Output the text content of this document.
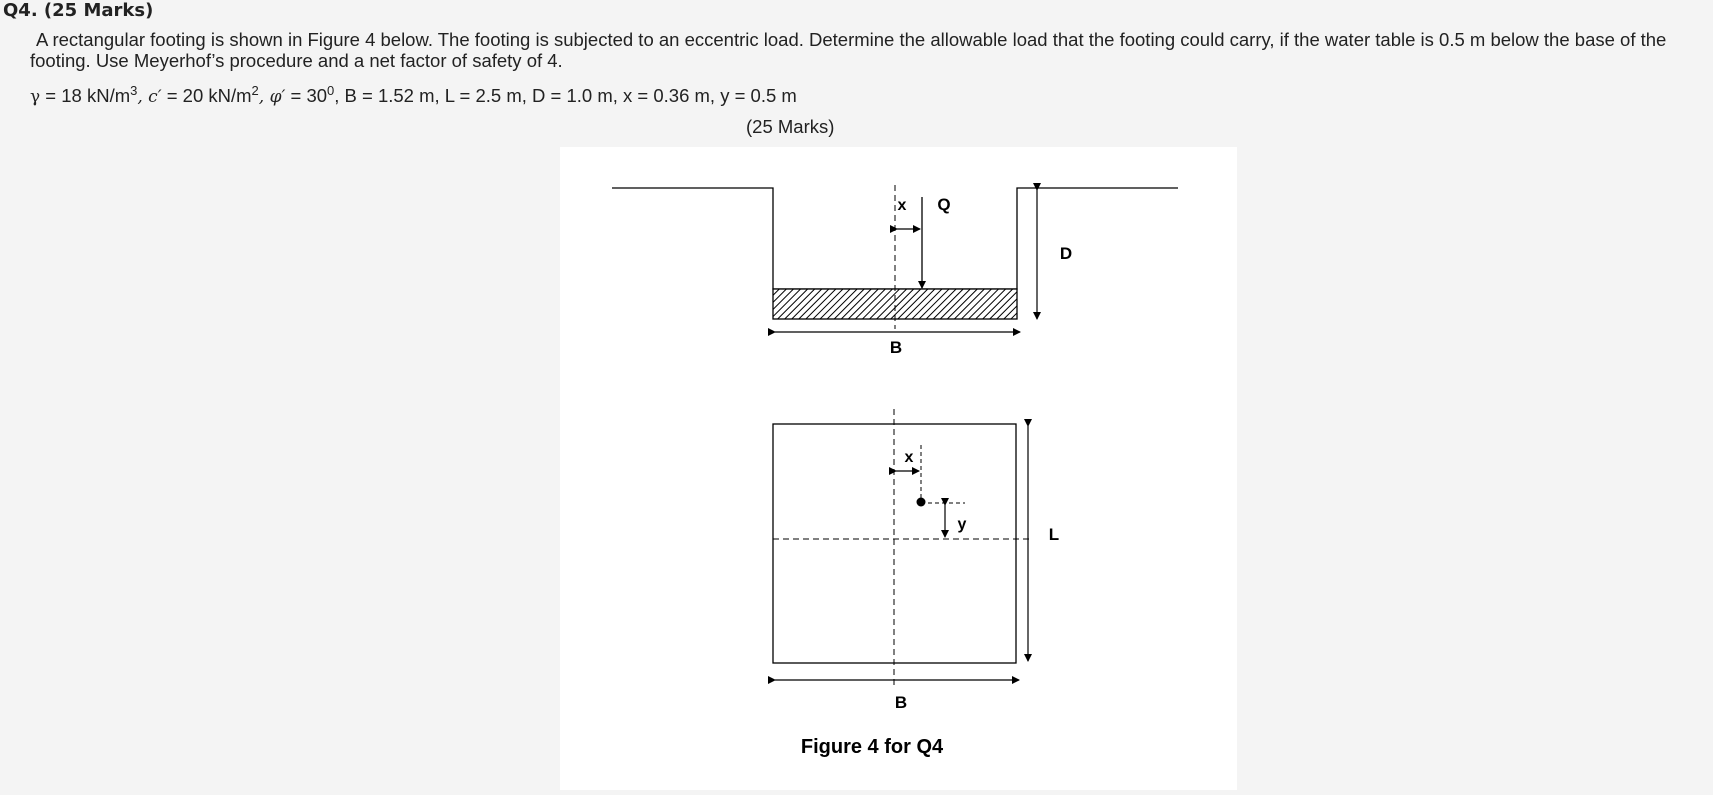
Q4. (25 Marks)
A rectangular footing is shown in Figure 4 below. The footing is subjected to an eccentric load. Determine the allowable load that the footing could carry, if the water table is 0.5 m below the base of the footing. Use Meyerhof’s procedure and a net factor of safety of 4.
γ = 18 $kN/m^3$, c′ = 20 $kN/m^2$, $\varphi' = 30^0$, B = 1.52 m, L = 2.5 m, D = 1.0 m, x = 0.36 m, y = 0.5 m
(25 Marks)
x Q
D
B
x
y
L
B
Figure 4 for Q4
